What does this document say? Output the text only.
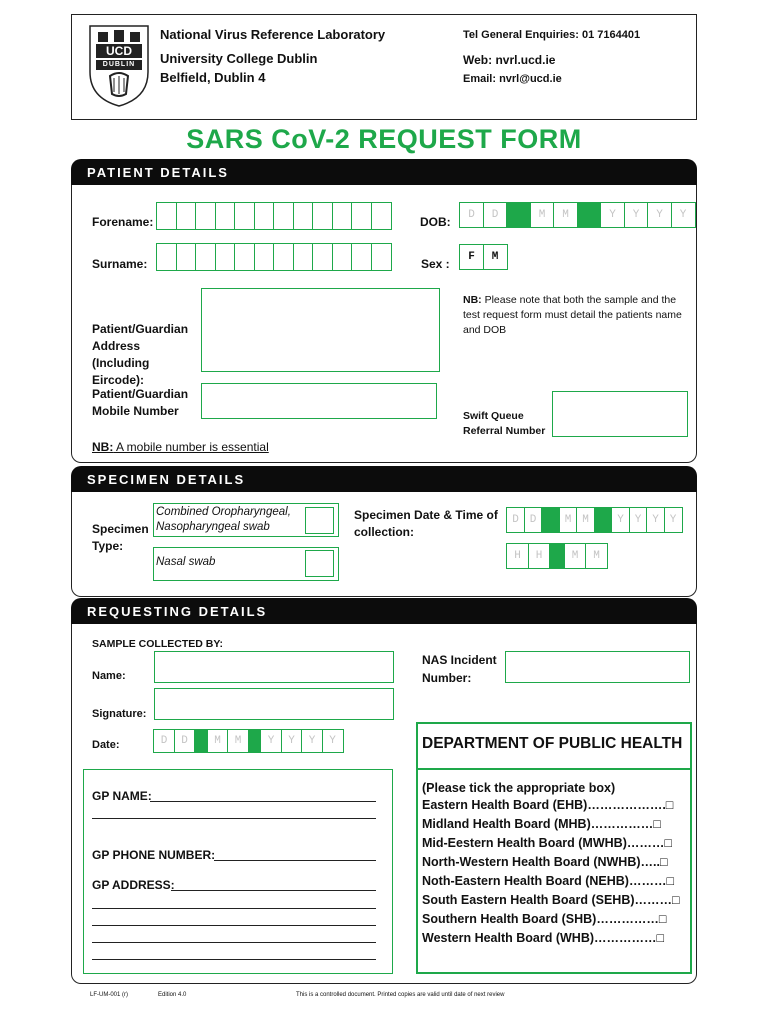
UCD
DUBLIN
National Virus Reference Laboratory
University College Dublin
Belfield, Dublin 4
Tel General Enquiries: 01 7164401
Web: nvrl.ucd.ie
Email: nvrl@ucd.ie
SARS CoV-2 REQUEST FORM
PATIENT DETAILS
Forename:	DOB:	D	D	M	M	Y	Y	Y	Y
Surname:	Sex :	F	M
Patient/Guardian Address (Including Eircode):
NB: Please note that both the sample and the test request form must detail the patients name and DOB
Patient/Guardian Mobile Number	Swift Queue Referral Number
NB: A mobile number is essential
SPECIMEN DETAILS
Specimen Type:
Combined Oropharyngeal, Nasopharyngeal swab
Nasal swab
Specimen Date & Time of collection:
D D	M M	Y Y Y Y
H	H	M	M
REQUESTING DETAILS
SAMPLE COLLECTED BY:
Name:
NAS Incident Number:
Signature:
Date:	D	D	M	M	Y	Y	Y	Y
GP NAME:
GP PHONE NUMBER:
GP ADDRESS:
DEPARTMENT OF PUBLIC HEALTH
(Please tick the appropriate box)
Eastern Health Board (EHB) ……………….□
Midland Health Board (MHB) ……………□
Mid-Eestern Health Board (MWHB) ………□
North-Western Health Board (NWHB) …..□
Noth-Eastern Health Board (NEHB) ………□
South Eastern Health Board (SEHB) ………□
Southern Health Board (SHB) ……………□
Western Health Board (WHB) ……………□
LF-UM-001 (r)	Edition 4.0	This is a controlled document. Printed copies are valid until date of next review
